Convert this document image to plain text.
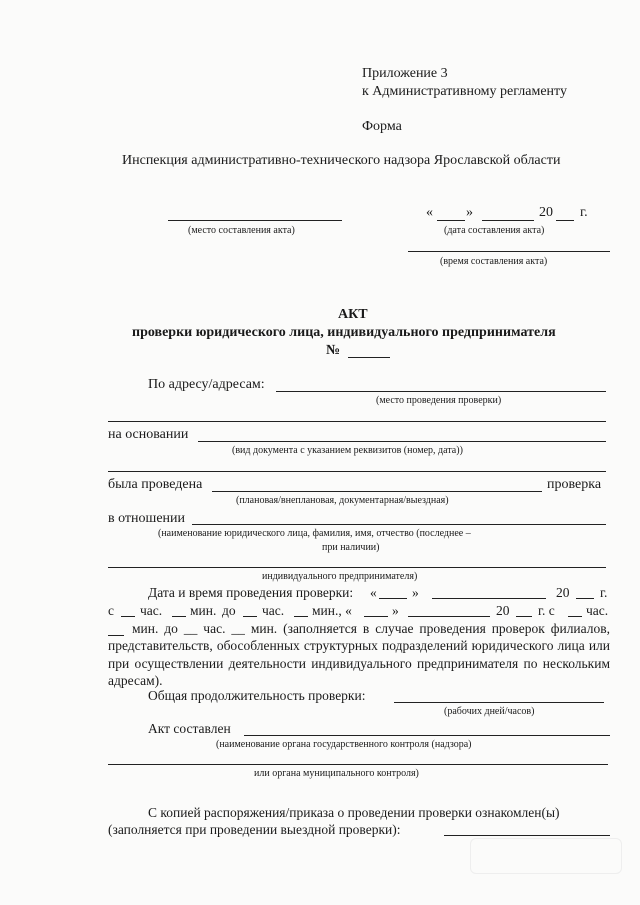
Приложение 3
к Административному регламенту
Форма
Инспекция административно-технического надзора Ярославской области
(место составления акта)
« »	20 г.
(дата составления акта)
(время составления акта)
АКТ
проверки юридического лица, индивидуального предпринимателя
№
По адресу/адресам:
(место проведения проверки)
на основании
(вид документа с указанием реквизитов (номер, дата))
была проведена	проверка
(плановая/внеплановая, документарная/выездная)
в отношении
(наименование юридического лица, фамилия, имя, отчество (последнее –
при наличии)
индивидуального предпринимателя)
Дата и время проведения проверки: «	»	20 г.
с час. мин. до час. мин., «	»	20 г. с час.
мин. до __ час. __ мин. (заполняется в случае проведения проверок филиалов, представительств, обособленных структурных подразделений юридического лица или при осуществлении деятельности индивидуального предпринимателя по нескольким адресам).
Общая продолжительность проверки:
(рабочих дней/часов)
Акт составлен
(наименование органа государственного контроля (надзора)
или органа муниципального контроля)
С копией распоряжения/приказа о проведении проверки ознакомлен(ы)
(заполняется при проведении выездной проверки):
